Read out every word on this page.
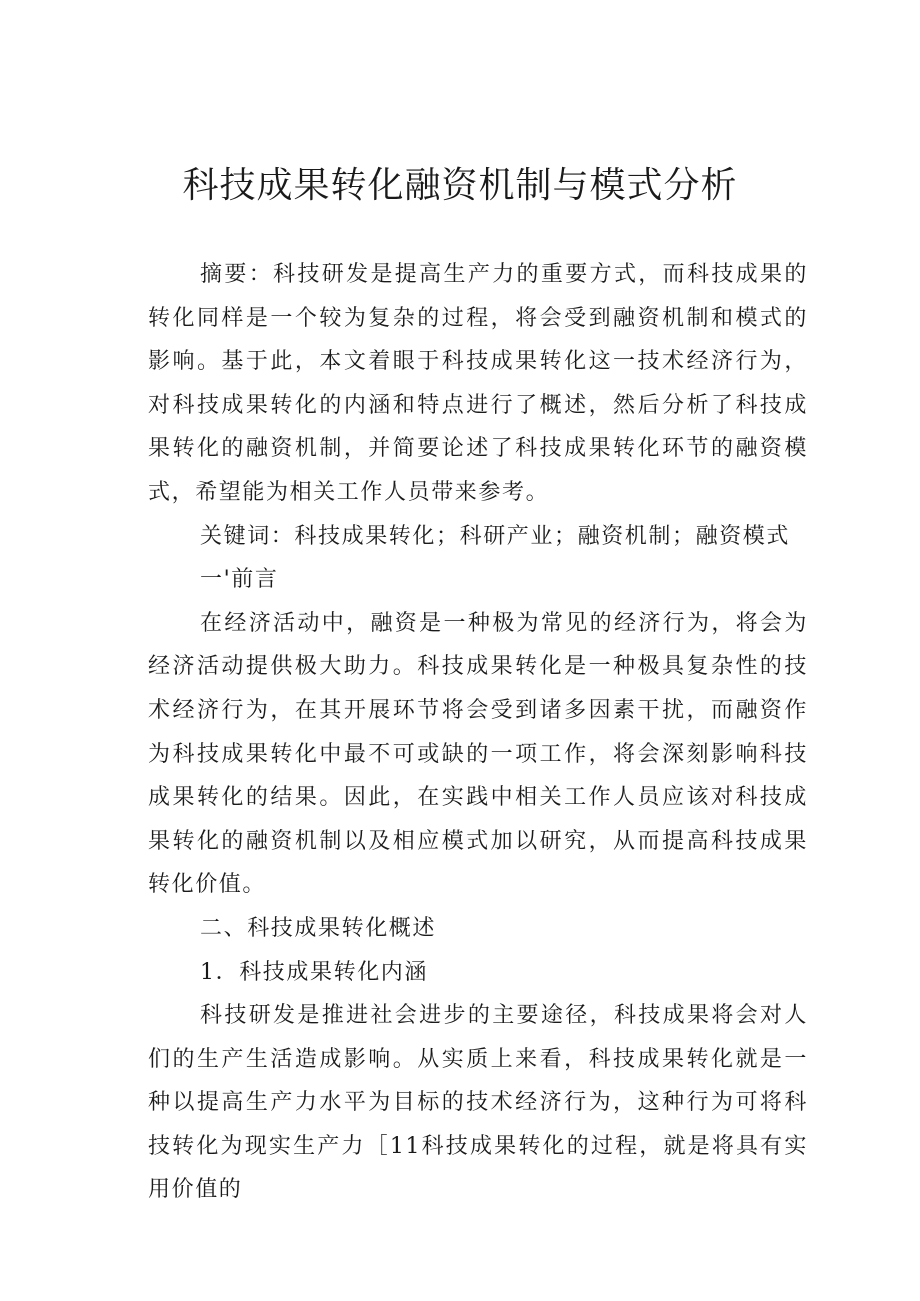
科技成果转化融资机制与模式分析

摘要：科技研发是提高生产力的重要方式，而科技成果的转化同样是一个较为复杂的过程，将会受到融资机制和模式的影响。基于此，本文着眼于科技成果转化这一技术经济行为，对科技成果转化的内涵和特点进行了概述，然后分析了科技成果转化的融资机制，并简要论述了科技成果转化环节的融资模式，希望能为相关工作人员带来参考。

关键词：科技成果转化；科研产业；融资机制；融资模式

一'前言

在经济活动中，融资是一种极为常见的经济行为，将会为经济活动提供极大助力。科技成果转化是一种极具复杂性的技术经济行为，在其开展环节将会受到诸多因素干扰，而融资作为科技成果转化中最不可或缺的一项工作，将会深刻影响科技成果转化的结果。因此，在实践中相关工作人员应该对科技成果转化的融资机制以及相应模式加以研究，从而提高科技成果转化价值。

二、科技成果转化概述

1．科技成果转化内涵

科技研发是推进社会进步的主要途径，科技成果将会对人们的生产生活造成影响。从实质上来看，科技成果转化就是一种以提高生产力水平为目标的技术经济行为，这种行为可将科技转化为现实生产力［11科技成果转化的过程，就是将具有实用价值的
